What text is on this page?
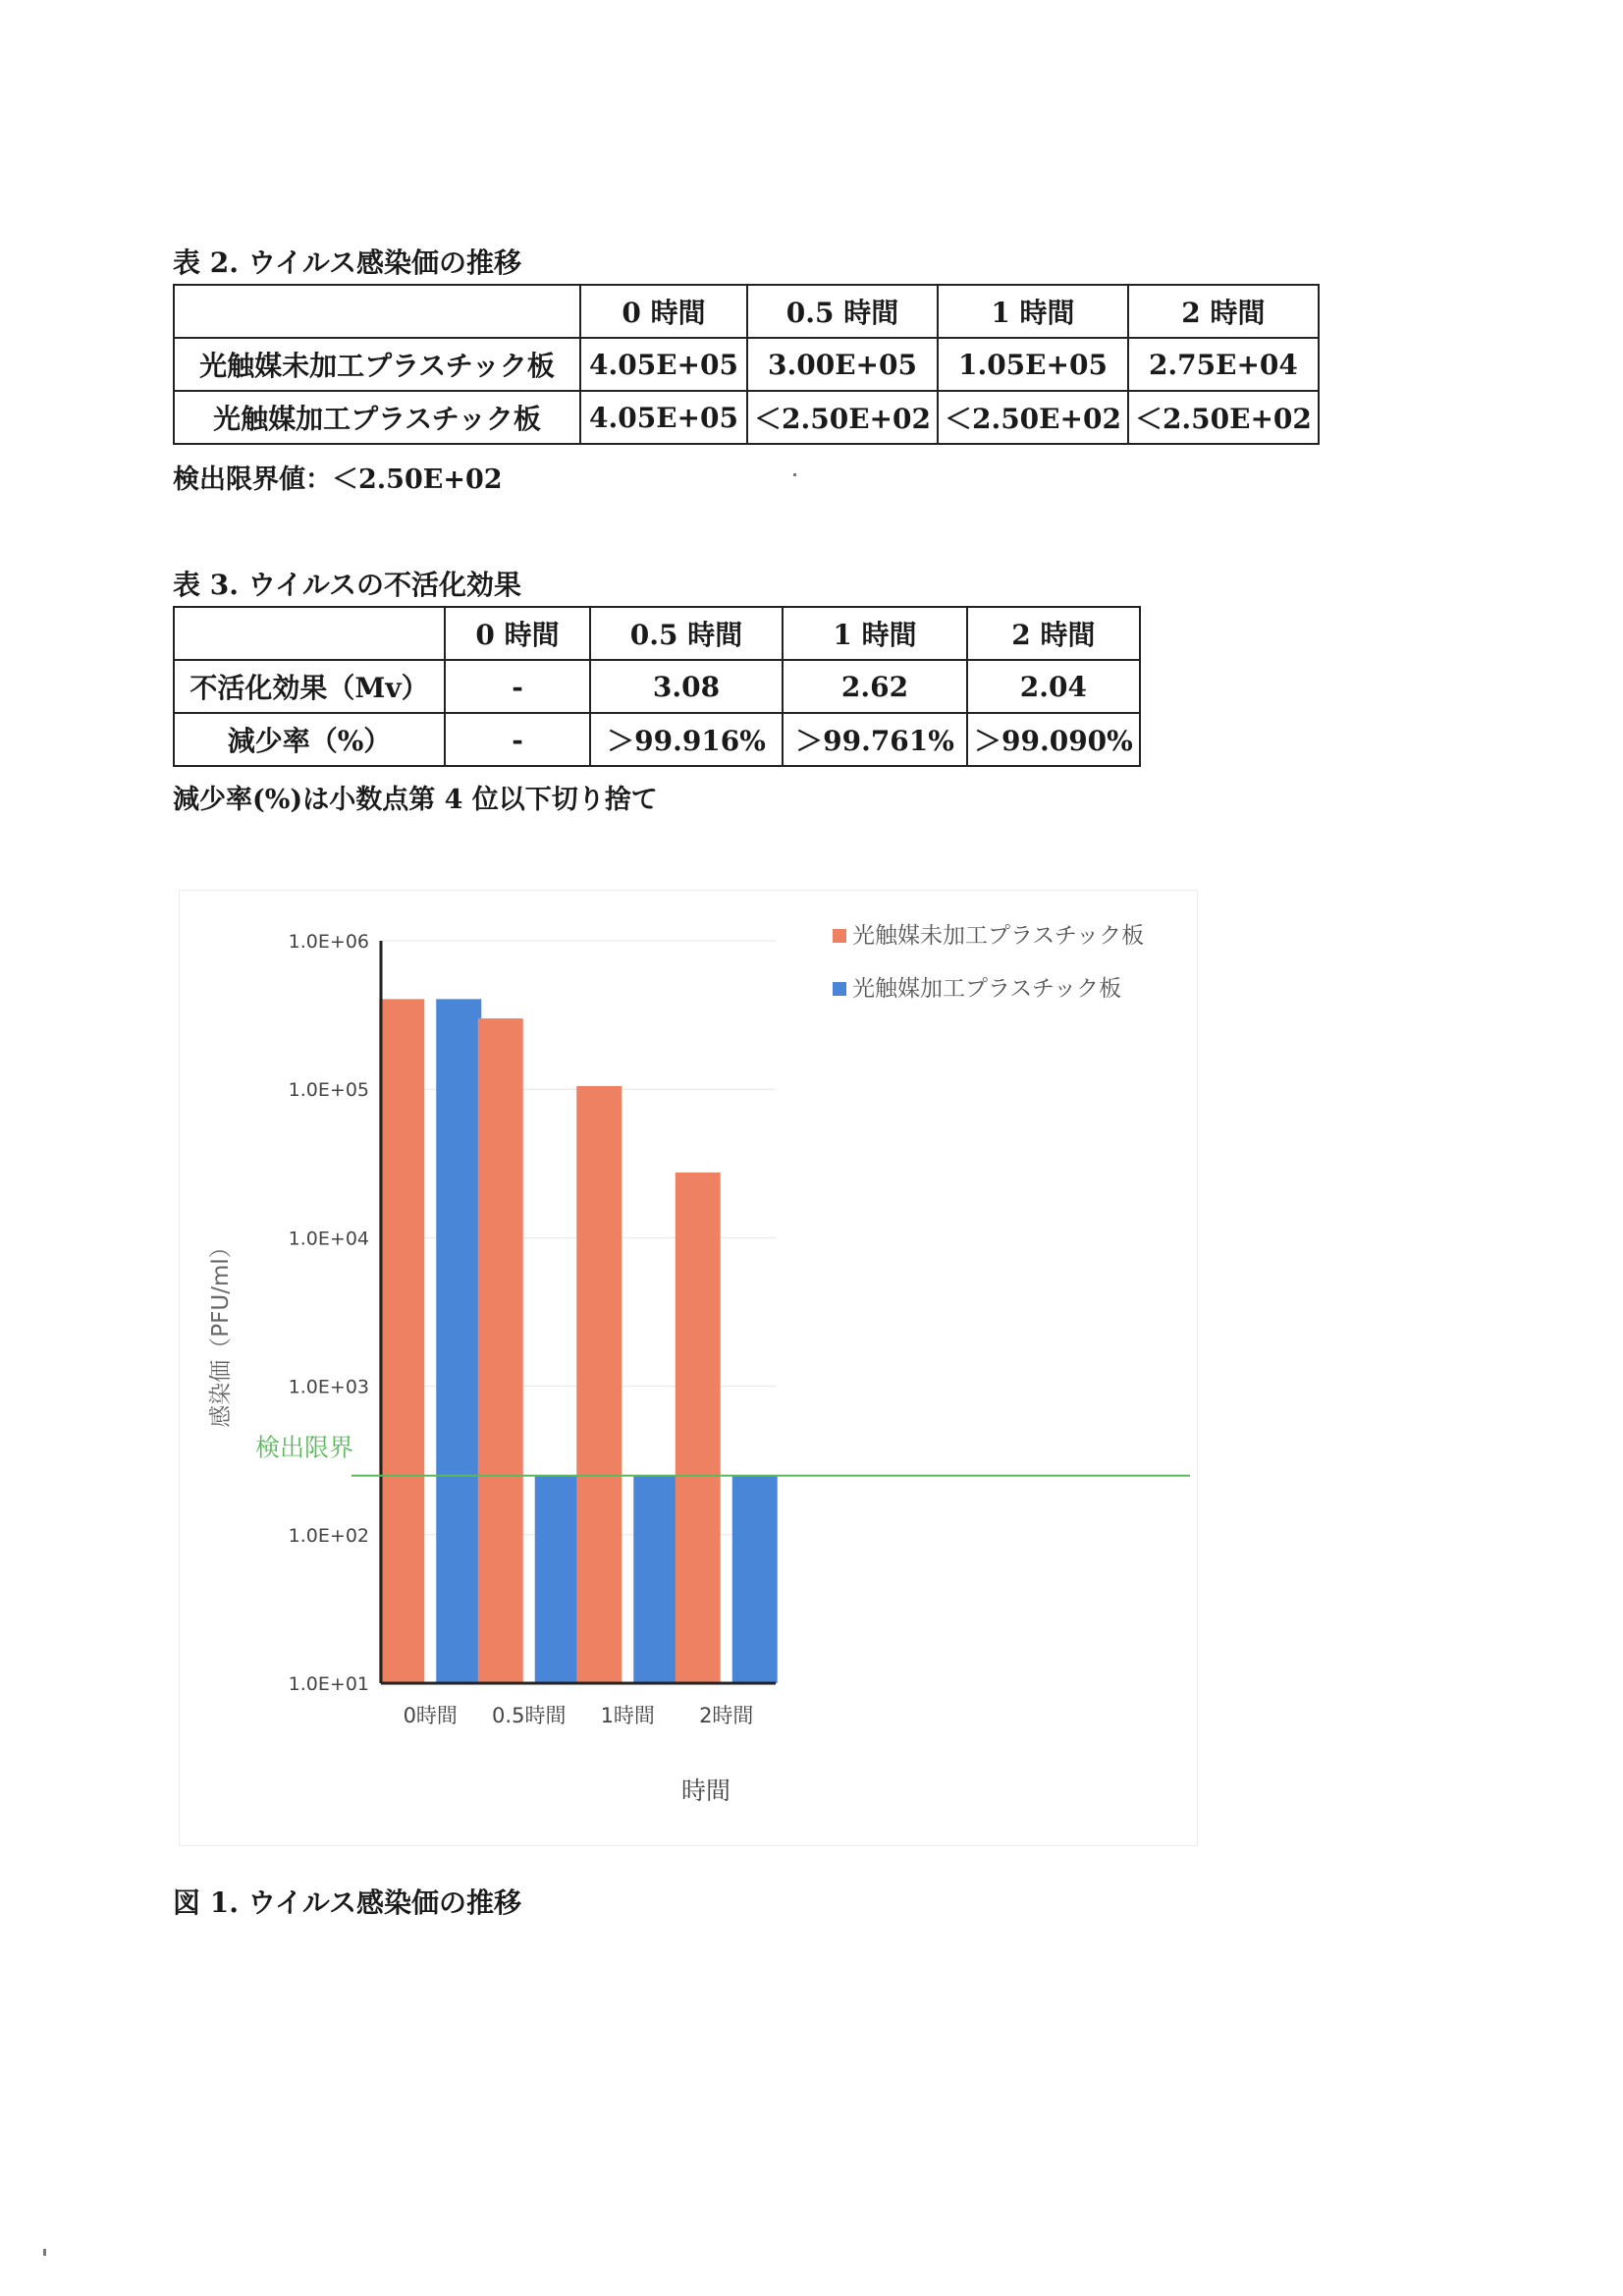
表 2. ウイルス感染価の推移
	0 時間	0.5 時間	1 時間	2 時間
光触媒未加工プラスチック板	4.05E+05	3.00E+05	1.05E+05	2.75E+04
光触媒加工プラスチック板	4.05E+05	＜2.50E+02	＜2.50E+02	＜2.50E+02
検出限界値：＜2.50E+02
表 3. ウイルスの不活化効果
	0 時間	0.5 時間	1 時間	2 時間
不活化効果（Mv）	-	3.08	2.62	2.04
減少率（%）	-	＞99.916%	＞99.761%	＞99.090%
減少率(%)は小数点第 4 位以下切り捨て
1.0E+06
1.0E+05
1.0E+04
1.0E+03
1.0E+02
1.0E+01
検出限界
0時間 0.5時間 1時間 2時間
感染価（PFU/ml）
時間
光触媒未加工プラスチック板
光触媒加工プラスチック板
図 1. ウイルス感染価の推移
